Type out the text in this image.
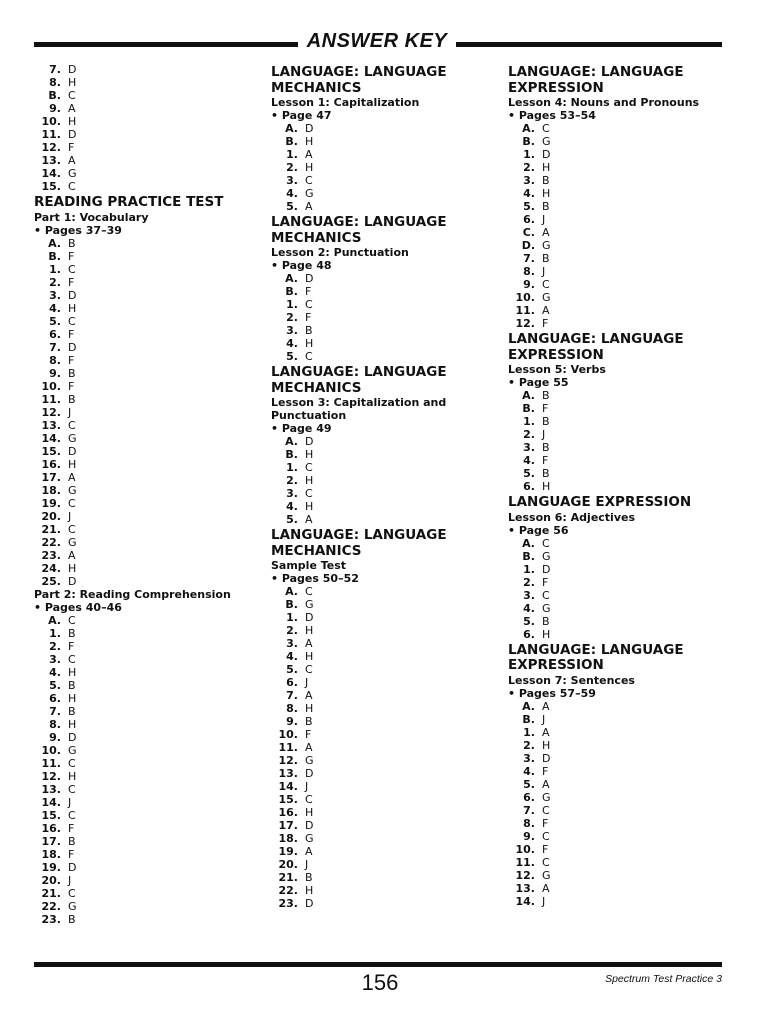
ANSWER KEY
7. D
8. H
B. C
9. A
10. H
11. D
12. F
13. A
14. G
15. C
READING PRACTICE TEST
Part 1: Vocabulary
• Pages 37–39
A. B
B. F
1. C
2. F
3. D
4. H
5. C
6. F
7. D
8. F
9. B
10. F
11. B
12. J
13. C
14. G
15. D
16. H
17. A
18. G
19. C
20. J
21. C
22. G
23. A
24. H
25. D
Part 2: Reading Comprehension
• Pages 40–46
A. C
1. B
2. F
3. C
4. H
5. B
6. H
7. B
8. H
9. D
10. G
11. C
12. H
13. C
14. J
15. C
16. F
17. B
18. F
19. D
20. J
21. C
22. G
23. B
LANGUAGE: LANGUAGE MECHANICS
Lesson 1: Capitalization
• Page 47
A. D
B. H
1. A
2. H
3. C
4. G
5. A
LANGUAGE: LANGUAGE MECHANICS
Lesson 2: Punctuation
• Page 48
A. D
B. F
1. C
2. F
3. B
4. H
5. C
LANGUAGE: LANGUAGE MECHANICS
Lesson 3: Capitalization and Punctuation
• Page 49
A. D
B. H
1. C
2. H
3. C
4. H
5. A
LANGUAGE: LANGUAGE MECHANICS
Sample Test
• Pages 50–52
A. C
B. G
1. D
2. H
3. A
4. H
5. C
6. J
7. A
8. H
9. B
10. F
11. A
12. G
13. D
14. J
15. C
16. H
17. D
18. G
19. A
20. J
21. B
22. H
23. D
LANGUAGE: LANGUAGE EXPRESSION
Lesson 4: Nouns and Pronouns
• Pages 53–54
A. C
B. G
1. D
2. H
3. B
4. H
5. B
6. J
C. A
D. G
7. B
8. J
9. C
10. G
11. A
12. F
LANGUAGE: LANGUAGE EXPRESSION
Lesson 5: Verbs
• Page 55
A. B
B. F
1. B
2. J
3. B
4. F
5. B
6. H
LANGUAGE EXPRESSION
Lesson 6: Adjectives
• Page 56
A. C
B. G
1. D
2. F
3. C
4. G
5. B
6. H
LANGUAGE: LANGUAGE EXPRESSION
Lesson 7: Sentences
• Pages 57–59
A. A
B. J
1. A
2. H
3. D
4. F
5. A
6. G
7. C
8. F
9. C
10. F
11. C
12. G
13. A
14. J
156	Spectrum Test Practice 3
